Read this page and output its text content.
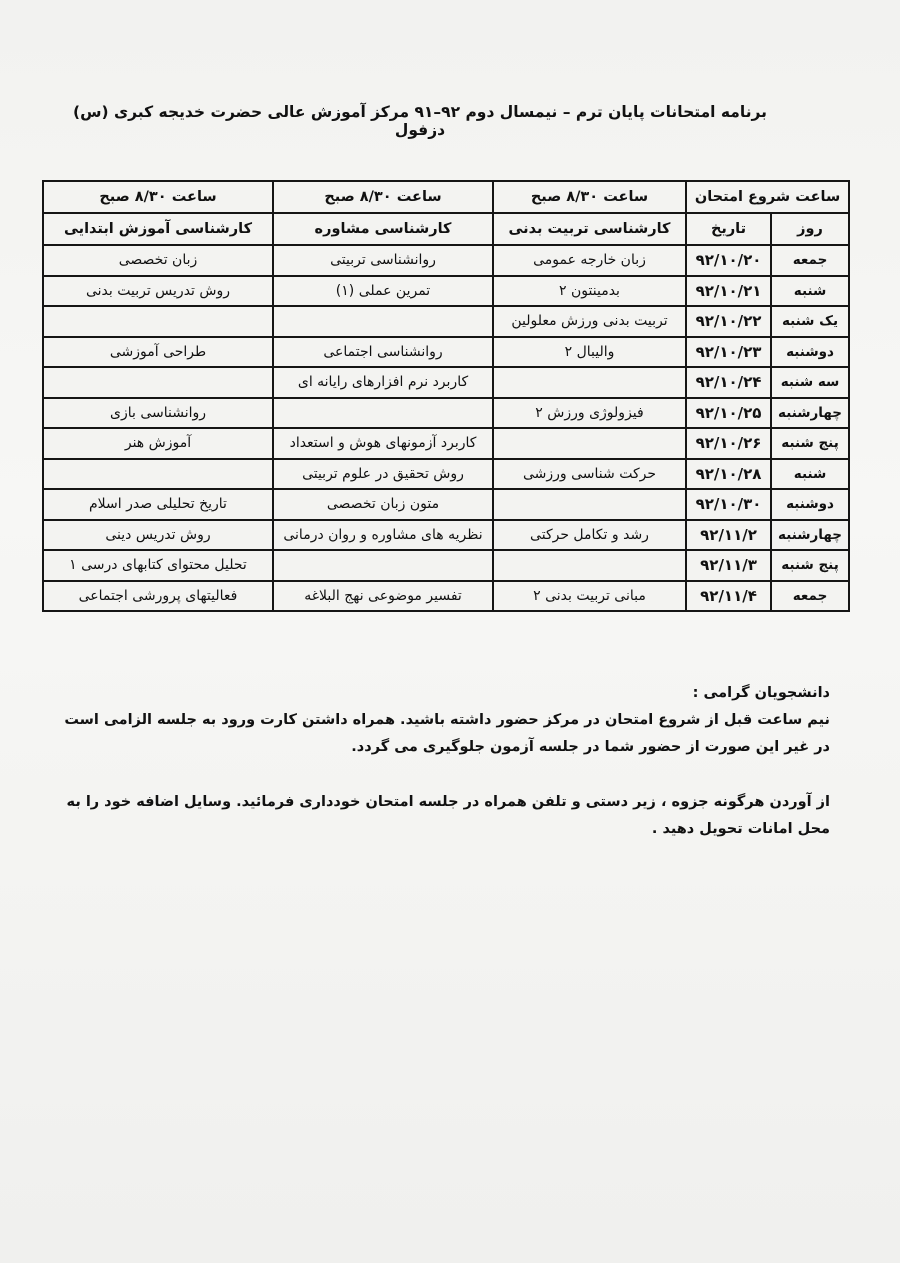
برنامه امتحانات پایان ترم – نیمسال دوم ۹۲–۹۱ مرکز آموزش عالی حضرت خدیجه کبری (س) دزفول
ساعت شروع امتحان		ساعت ۸/۳۰ صبح	ساعت ۸/۳۰ صبح	ساعت ۸/۳۰ صبح
روز	تاریخ	کارشناسی تربیت بدنی	کارشناسی مشاوره	کارشناسی آموزش ابتدایی
جمعه	۹۲/۱۰/۲۰	زبان خارجه عمومی	روانشناسی تربیتی	زبان تخصصی
شنبه	۹۲/۱۰/۲۱	بدمینتون ۲	تمرین عملی (۱)	روش تدریس تربیت بدنی
یک شنبه	۹۲/۱۰/۲۲	تربیت بدنی ورزش معلولین		
دوشنبه	۹۲/۱۰/۲۳	والیبال ۲	روانشناسی اجتماعی	طراحی آموزشی
سه شنبه	۹۲/۱۰/۲۴		کاربرد نرم افزارهای رایانه ای	
چهارشنبه	۹۲/۱۰/۲۵	فیزولوژی ورزش ۲		روانشناسی بازی
پنج شنبه	۹۲/۱۰/۲۶		کاربرد آزمونهای هوش و استعداد	آموزش هنر
شنبه	۹۲/۱۰/۲۸	حرکت شناسی ورزشی	روش تحقیق در علوم تربیتی	
دوشنبه	۹۲/۱۰/۳۰		متون زبان تخصصی	تاریخ تحلیلی صدر اسلام
چهارشنبه	۹۲/۱۱/۲	رشد و تکامل حرکتی	نظریه های مشاوره و روان درمانی	روش تدریس دینی
پنج شنبه	۹۲/۱۱/۳			تحلیل محتوای کتابهای درسی ۱
جمعه	۹۲/۱۱/۴	مبانی تربیت بدنی ۲	تفسیر موضوعی نهج البلاغه	فعالیتهای پرورشی اجتماعی

دانشجویان گرامی :

نیم ساعت قبل از شروع امتحان در مرکز حضور داشته باشید. همراه داشتن کارت ورود به جلسه الزامی است در غیر این صورت از حضور شما در جلسه آزمون جلوگیری می گردد.

از آوردن هرگونه جزوه ، زیر دستی و تلفن همراه در جلسه امتحان خودداری فرمائید. وسایل اضافه خود را به محل امانات تحویل دهید .
